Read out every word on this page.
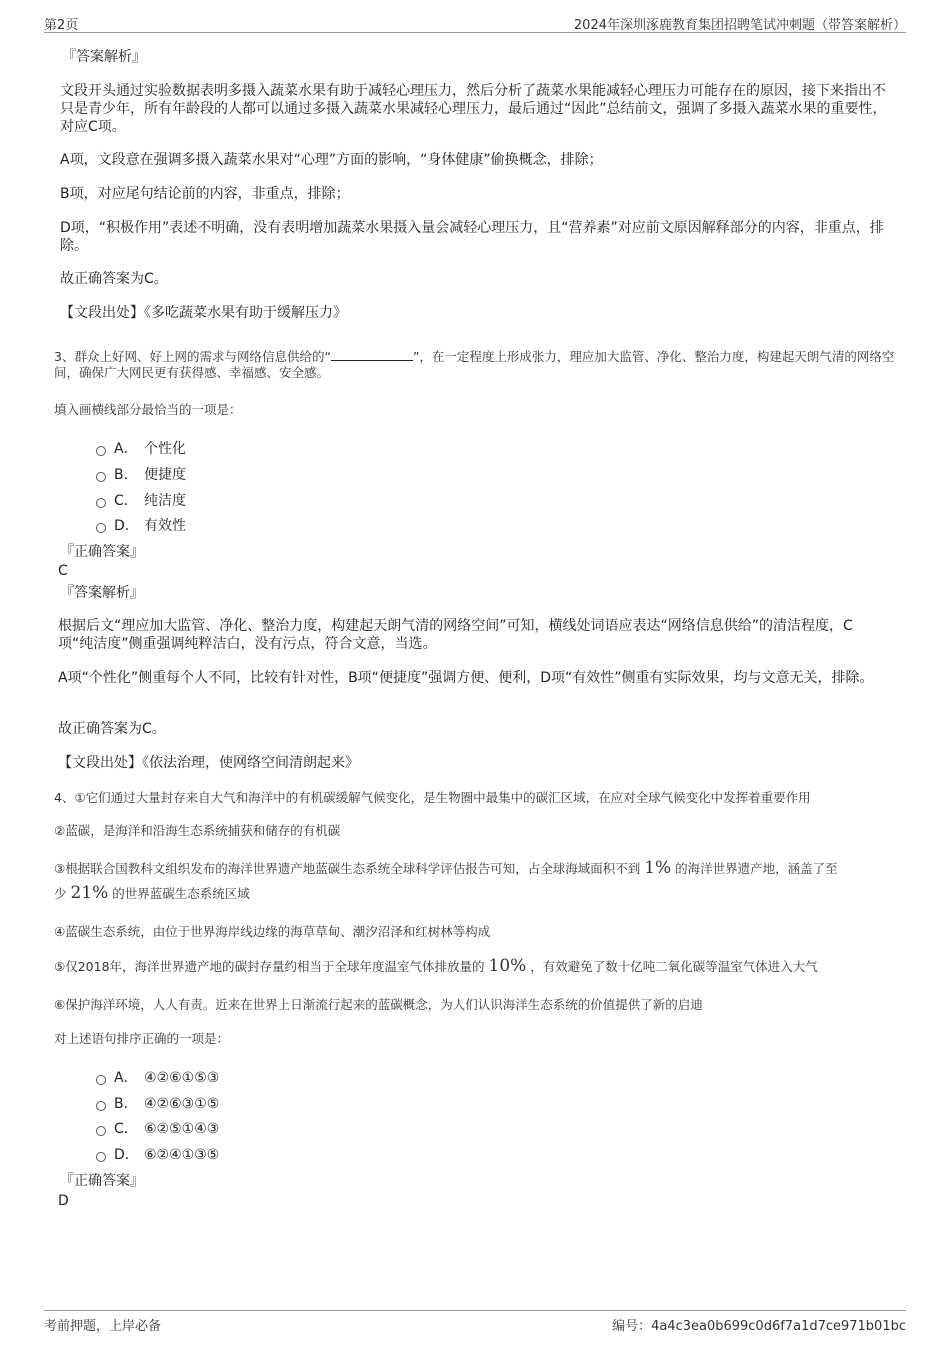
第2页	2024年深圳涿鹿教育集团招聘笔试冲刺题（带答案解析）
『答案解析』
文段开头通过实验数据表明多摄入蔬菜水果有助于减轻心理压力，然后分析了蔬菜水果能减轻心理压力可能存在的原因，接下来指出不只是青少年，所有年龄段的人都可以通过多摄入蔬菜水果减轻心理压力，最后通过“因此”总结前文，强调了多摄入蔬菜水果的重要性，对应C项。
A项，文段意在强调多摄入蔬菜水果对“心理”方面的影响，“身体健康”偷换概念，排除；
B项，对应尾句结论前的内容，非重点，排除；
D项，“积极作用”表述不明确，没有表明增加蔬菜水果摄入量会减轻心理压力，且“营养素”对应前文原因解释部分的内容，非重点，排除。
故正确答案为C。
【文段出处】《多吃蔬菜水果有助于缓解压力》
3、群众上好网、好上网的需求与网络信息供给的“	”，在一定程度上形成张力，理应加大监管、净化、整治力度，构建起天朗气清的网络空间，确保广大网民更有获得感、幸福感、安全感。
填入画横线部分最恰当的一项是：
A． 个性化
B． 便捷度
C． 纯洁度
D． 有效性
『正确答案』
C
『答案解析』
根据后文“理应加大监管、净化、整治力度，构建起天朗气清的网络空间”可知，横线处词语应表达“网络信息供给”的清洁程度，C项“纯洁度”侧重强调纯粹洁白，没有污点，符合文意，当选。
A项“个性化”侧重每个人不同，比较有针对性，B项“便捷度”强调方便、便利，D项“有效性”侧重有实际效果，均与文意无关，排除。
故正确答案为C。
【文段出处】《依法治理，使网络空间清朗起来》
4、①它们通过大量封存来自大气和海洋中的有机碳缓解气候变化，是生物圈中最集中的碳汇区域，在应对全球气候变化中发挥着重要作用
②蓝碳，是海洋和沿海生态系统捕获和储存的有机碳
③根据联合国教科文组织发布的海洋世界遗产地蓝碳生态系统全球科学评估报告可知，占全球海域面积不到 1% 的海洋世界遗产地，涵盖了至
少 21% 的世界蓝碳生态系统区域
④蓝碳生态系统，由位于世界海岸线边缘的海草草甸、潮汐沼泽和红树林等构成
⑤仅2018年，海洋世界遗产地的碳封存量约相当于全球年度温室气体排放量的 10% ，有效避免了数十亿吨二氧化碳等温室气体进入大气
⑥保护海洋环境，人人有责。近来在世界上日渐流行起来的蓝碳概念，为人们认识海洋生态系统的价值提供了新的启迪
对上述语句排序正确的一项是：
A． ④②⑥①⑤③
B． ④②⑥③①⑤
C． ⑥②⑤①④③
D． ⑥②④①③⑤
『正确答案』
D
考前押题，上岸必备	编号：4a4c3ea0b699c0d6f7a1d7ce971b01bc
